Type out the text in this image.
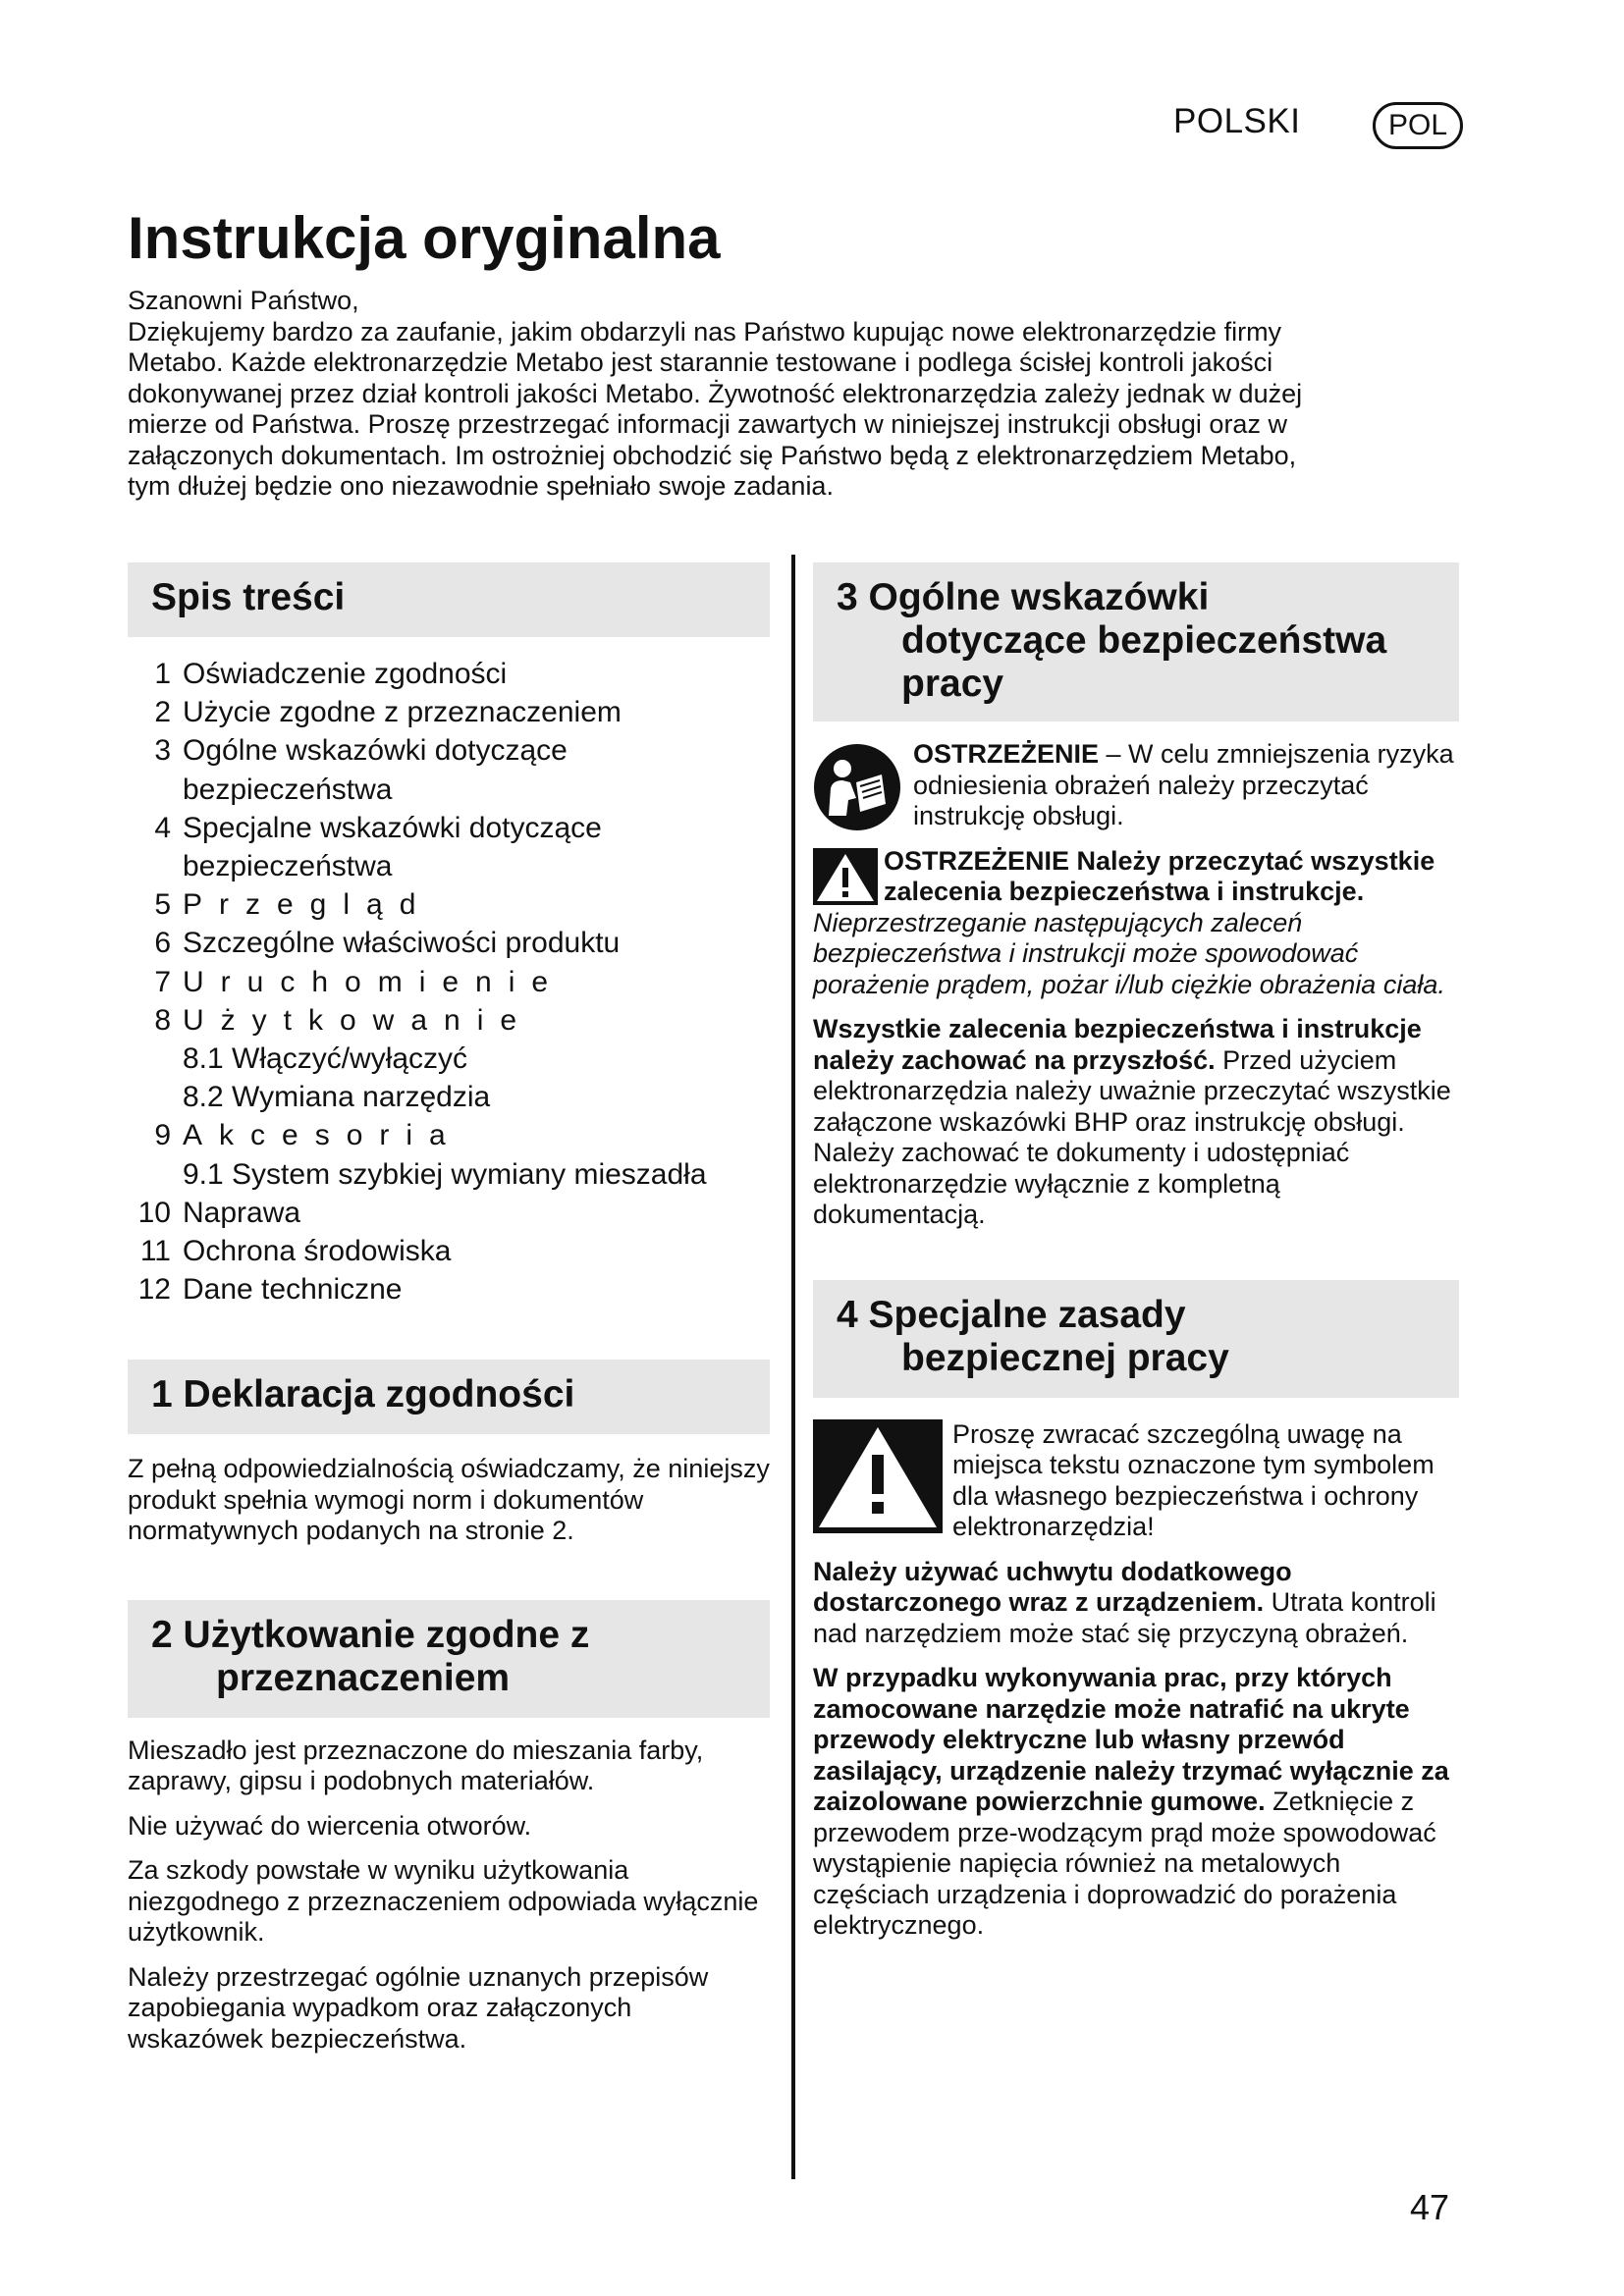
POLSKI	POL
Instrukcja oryginalna

Szanowni Państwo,

Dziękujemy bardzo za zaufanie, jakim obdarzyli nas Państwo kupując nowe elektronarzędzie firmy

Metabo. Każde elektronarzędzie Metabo jest starannie testowane i podlega ścisłej kontroli jakości

dokonywanej przez dział kontroli jakości Metabo. Żywotność elektronarzędzia zależy jednak w dużej

mierze od Państwa. Proszę przestrzegać informacji zawartych w niniejszej instrukcji obsługi oraz w

załączonych dokumentach. Im ostrożniej obchodzić się Państwo będą z elektronarzędziem Metabo,

tym dłużej będzie ono niezawodnie spełniało swoje zadania.

Spis treści
1 Oświadczenie zgodności
2 Użycie zgodne z przeznaczeniem
3 Ogólne wskazówki dotyczące
bezpieczeństwa
4 Specjalne wskazówki dotyczące
bezpieczeństwa
5 Przegląd
6 Szczególne właściwości produktu
7 Uruchomienie
8 Użytkowanie
8.1 Włączyć/wyłączyć
8.2 Wymiana narzędzia
9 Akcesoria
9.1 System szybkiej wymiany mieszadła
10 Naprawa
11 Ochrona środowiska
12 Dane techniczne
1 Deklaracja zgodności

Z pełną odpowiedzialnością oświadczamy, że niniejszy produkt spełnia wymogi norm i dokumentów normatywnych podanych na stronie 2.

2 Użytkowanie zgodne z
przeznaczeniem

Mieszadło jest przeznaczone do mieszania farby, zaprawy, gipsu i podobnych materiałów.

Nie używać do wiercenia otworów.

Za szkody powstałe w wyniku użytkowania niezgodnego z przeznaczeniem odpowiada wyłącznie użytkownik.

Należy przestrzegać ogólnie uznanych przepisów zapobiegania wypadkom oraz załączonych wskazówek bezpieczeństwa.

3 Ogólne wskazówki
dotyczące bezpieczeństwa
pracy
OSTRZEŻENIE – W celu zmniejszenia ryzyka odniesienia obrażeń należy przeczytać instrukcję obsługi.

OSTRZEŻENIE Należy przeczytać wszystkie zalecenia bezpieczeństwa i instrukcje. Nieprzestrzeganie następujących zaleceń bezpieczeństwa i instrukcji może spowodować porażenie prądem, pożar i/lub ciężkie obrażenia ciała.

Wszystkie zalecenia bezpieczeństwa i instrukcje należy zachować na przyszłość. Przed użyciem elektronarzędzia należy uważnie przeczytać wszystkie załączone wskazówki BHP oraz instrukcję obsługi. Należy zachować te dokumenty i udostępniać elektronarzędzie wyłącznie z kompletną dokumentacją.

4 Specjalne zasady
bezpiecznej pracy

Proszę zwracać szczególną uwagę na miejsca tekstu oznaczone tym symbolem dla własnego bezpieczeństwa i ochrony elektronarzędzia!

Należy używać uchwytu dodatkowego dostarczonego wraz z urządzeniem. Utrata kontroli nad narzędziem może stać się przyczyną obrażeń.

W przypadku wykonywania prac, przy których zamocowane narzędzie może natrafić na ukryte przewody elektryczne lub własny przewód zasilający, urządzenie należy trzymać wyłącznie za zaizolowane powierzchnie gumowe. Zetknięcie z przewodem prze-wodzącym prąd może spowodować wystąpienie napięcia również na metalowych częściach urządzenia i doprowadzić do porażenia elektrycznego.

47
